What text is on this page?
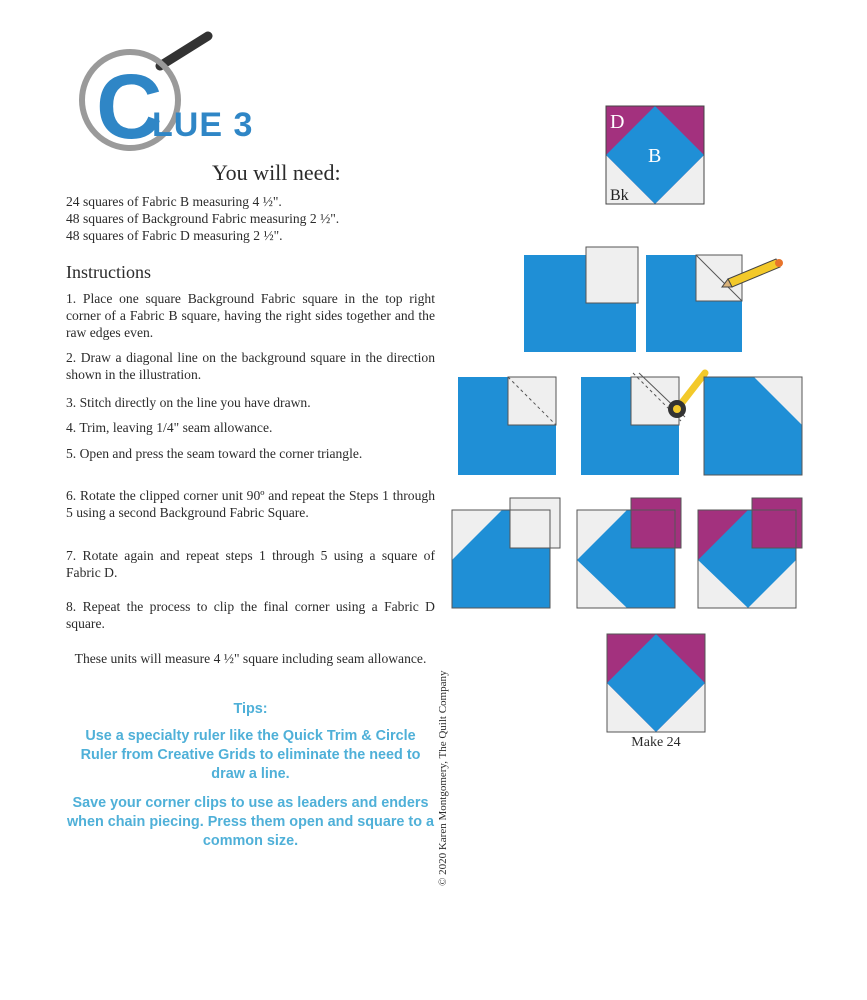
C
LUE 3
You will need:
24 squares of Fabric B measuring 4 ½".
48 squares of Background Fabric measuring 2 ½".
48 squares of Fabric D measuring 2 ½".
Instructions
1. Place one square Background Fabric square in the top right corner of a Fabric B square, having the right sides together and the raw edges even.
2. Draw a diagonal line on the background square in the direction shown in the illustration.
3. Stitch directly on the line you have drawn.
4. Trim, leaving 1/4" seam allowance.
5. Open and press the seam toward the corner triangle.
6. Rotate the clipped corner unit 90º and repeat the Steps 1 through 5 using a second Background Fabric Square.
7. Rotate again and repeat steps 1 through 5 using a square of Fabric D.
8. Repeat the process to clip the final corner using a Fabric D square.
These units will measure 4 ½" square including seam allowance.
Tips:
Use a specialty ruler like the Quick Trim & Circle Ruler from Creative Grids to eliminate the need to draw a line.
Save your corner clips to use as leaders and enders when chain piecing. Press them open and square to a common size.	© 2020 Karen Montgomery, The Quilt Company
D
B
Bk
Make 24
